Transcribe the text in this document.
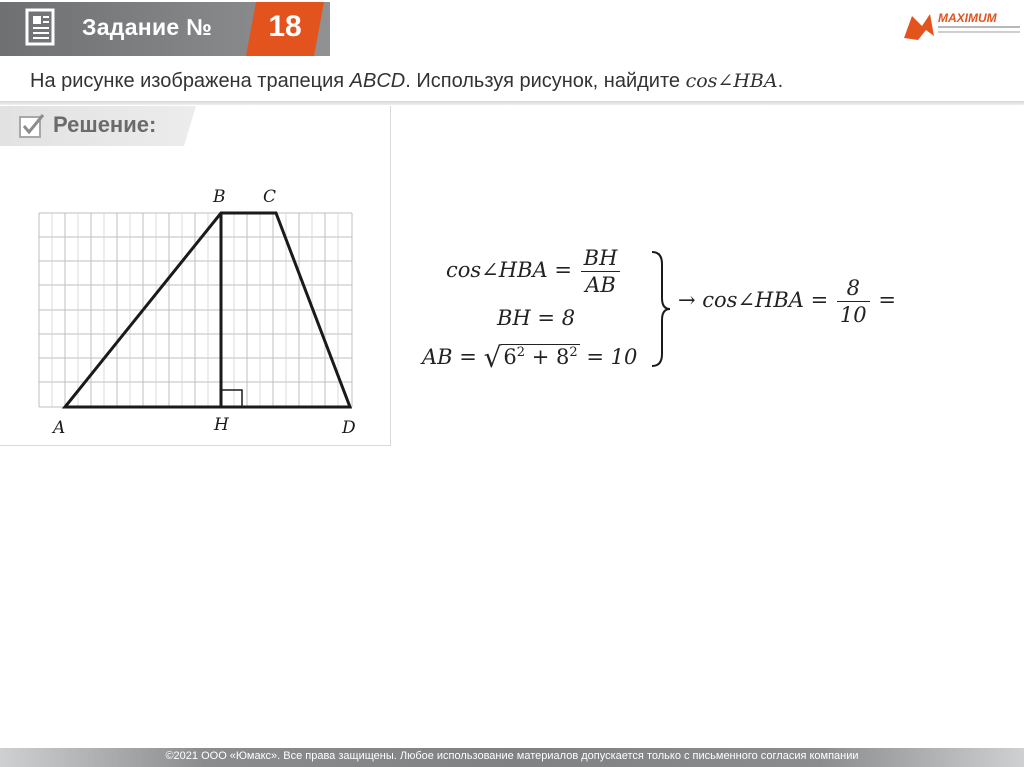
Задание №	18	MAXIMUM
На рисунке изображена трапеция ABCD. Используя рисунок, найдите cos∠HBA.
Решение:
B C
A	H	D
cos∠HBA = $\frac{BH}{AB}$
BH = 8
AB = $√6^2 + 8^2 = 10$
→ cos∠HBA = $\frac{8}{10}$ =
©2021 ООО «Юмакс». Все права защищены. Любое использование материалов допускается только с письменного согласия компании
